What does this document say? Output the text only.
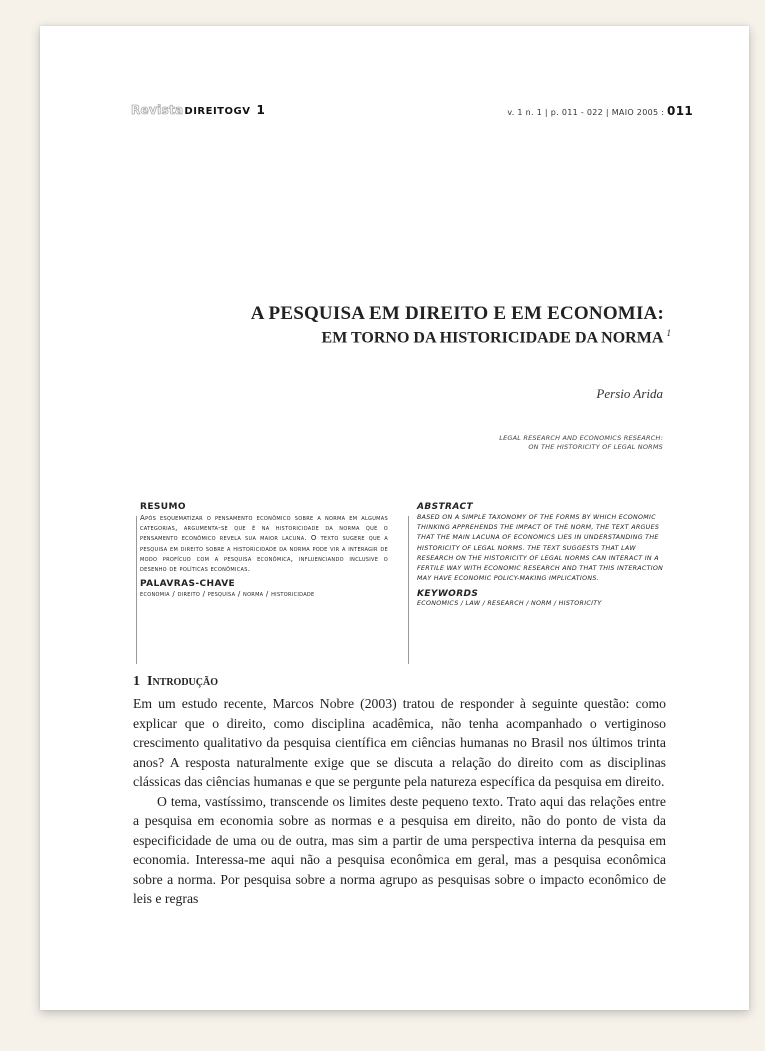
RevistaDIREITOGV 1	v. 1 n. 1 | p. 011 - 022 | MAIO 2005 : 011
A PESQUISA EM DIREITO E EM ECONOMIA:
EM TORNO DA HISTORICIDADE DA NORMA $^1$
Persio Arida
LEGAL RESEARCH AND ECONOMICS RESEARCH:
ON THE HISTORICITY OF LEGAL NORMS
RESUMO
Após esquematizar o pensamento econômico sobre a norma em algumas categorias, argumenta-se que é na historicidade da norma que o pensamento econômico revela sua maior lacuna. O texto sugere que a pesquisa em direito sobre a historicidade da norma pode vir a interagir de modo profícuo com a pesquisa econômica, influenciando inclusive o desenho de políticas econômicas.
PALAVRAS-CHAVE
economia / direito / pesquisa / norma / historicidade
ABSTRACT
BASED ON A SIMPLE TAXONOMY OF THE FORMS BY WHICH ECONOMIC THINKING APPREHENDS THE IMPACT OF THE NORM, THE TEXT ARGUES THAT THE MAIN LACUNA OF ECONOMICS LIES IN UNDERSTANDING THE HISTORICITY OF LEGAL NORMS. THE TEXT SUGGESTS THAT LAW RESEARCH ON THE HISTORICITY OF LEGAL NORMS CAN INTERACT IN A FERTILE WAY WITH ECONOMIC RESEARCH AND THAT THIS INTERACTION MAY HAVE ECONOMIC POLICY-MAKING IMPLICATIONS.
KEYWORDS
ECONOMICS / LAW / RESEARCH / NORM / HISTORICITY
1 Introdução

Em um estudo recente, Marcos Nobre (2003) tratou de responder à seguinte questão: como explicar que o direito, como disciplina acadêmica, não tenha acompanhado o vertiginoso crescimento qualitativo da pesquisa científica em ciências humanas no Brasil nos últimos trinta anos? A resposta naturalmente exige que se discuta a relação do direito com as disciplinas clássicas das ciências humanas e que se pergunte pela natureza específica da pesquisa em direito.

O tema, vastíssimo, transcende os limites deste pequeno texto. Trato aqui das relações entre a pesquisa em economia sobre as normas e a pesquisa em direito, não do ponto de vista da especificidade de uma ou de outra, mas sim a partir de uma perspectiva interna da pesquisa em economia. Interessa-me aqui não a pesquisa econômica em geral, mas a pesquisa econômica sobre a norma. Por pesquisa sobre a norma agrupo as pesquisas sobre o impacto econômico de leis e regras
